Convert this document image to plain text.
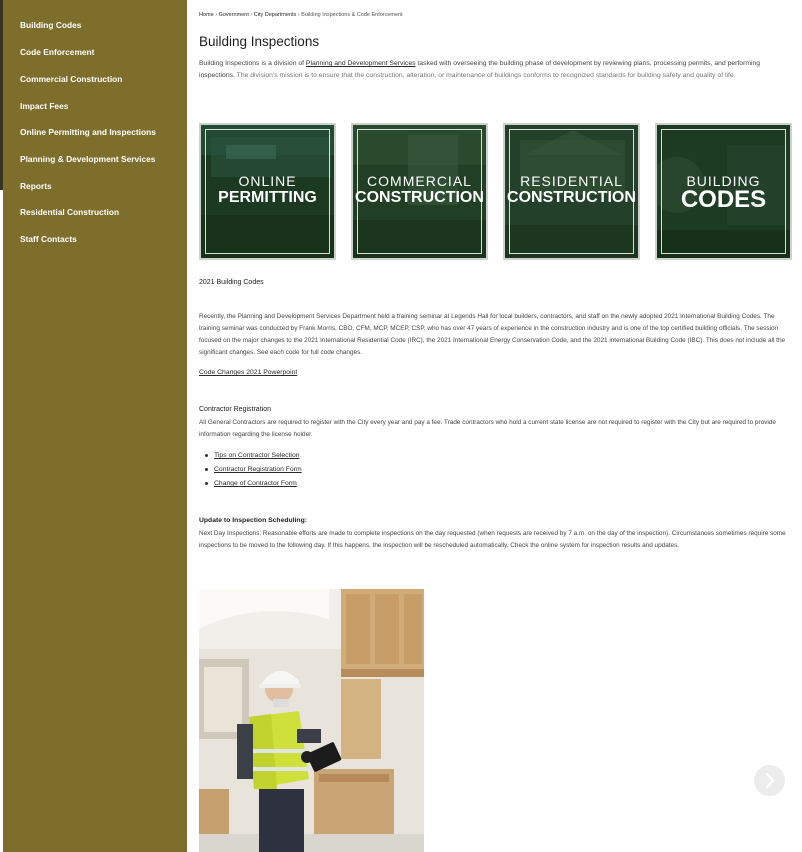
Building Codes
Code Enforcement
Commercial Construction
Impact Fees
Online Permitting and Inspections
Planning & Development Services
Reports
Residential Construction
Staff Contacts
Home › Government › City Departments › Building Inspections & Code Enforcement
Building Inspections

Building Inspections is a division of Planning and Development Services tasked with overseeing the building phase of development by reviewing plans, processing permits, and performing inspections. The division's mission is to ensure that the construction, alteration, or maintenance of buildings conforms to recognized standards for building safety and quality of life.

ONLINE
PERMITTING
COMMERCIAL
CONSTRUCTION
RESIDENTIAL
CONSTRUCTION
BUILDING
CODES
2021 Building Codes

Recently, the Planning and Development Services Department held a training seminar at Legends Hall for local builders, contractors, and staff on the newly adopted 2021 International Building Codes. The training seminar was conducted by Frank Morris, CBO, CFM, MCP, MCEP, CSP, who has over 47 years of experience in the construction industry and is one of the top certified building officials. The session focused on the major changes to the 2021 International Residential Code (IRC), the 2021 International Energy Conservation Code, and the 2021 international Building Code (IBC). This does not include all the significant changes. See each code for full code changes.

Code Changes 2021 Powerpoint
Contractor Registration

All General Contractors are required to register with the City every year and pay a fee. Trade contractors who hold a current state license are not required to register with the City but are required to provide information regarding the license holder.

Tips on Contractor Selection
Contractor Registration Form
Change of Contractor Form
Update to Inspection Scheduling:

Next Day Inspections: Reasonable efforts are made to complete inspections on the day requested (when requests are received by 7 a.m. on the day of the inspection). Circumstances sometimes require some inspections to be moved to the following day. If this happens, the inspection will be rescheduled automatically. Check the online system for inspection results and updates.
